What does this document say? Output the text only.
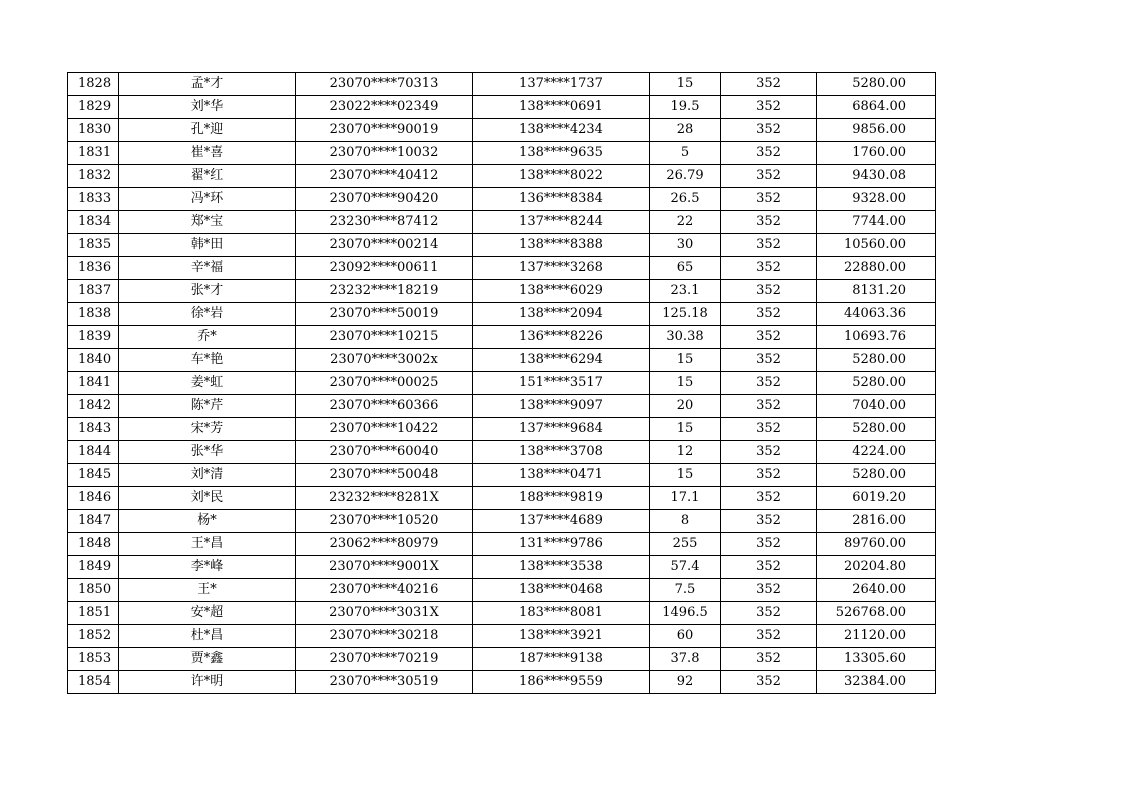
1828	孟*才	23070****70313	137****1737	15	352	5280.00
1829	刘*华	23022****02349	138****0691	19.5	352	6864.00
1830	孔*迎	23070****90019	138****4234	28	352	9856.00
1831	崔*喜	23070****10032	138****9635	5	352	1760.00
1832	翟*红	23070****40412	138****8022	26.79	352	9430.08
1833	冯*环	23070****90420	136****8384	26.5	352	9328.00
1834	郑*宝	23230****87412	137****8244	22	352	7744.00
1835	韩*田	23070****00214	138****8388	30	352	10560.00
1836	辛*福	23092****00611	137****3268	65	352	22880.00
1837	张*才	23232****18219	138****6029	23.1	352	8131.20
1838	徐*岩	23070****50019	138****2094	125.18	352	44063.36
1839	乔*	23070****10215	136****8226	30.38	352	10693.76
1840	车*艳	23070****3002x	138****6294	15	352	5280.00
1841	姜*虹	23070****00025	151****3517	15	352	5280.00
1842	陈*芹	23070****60366	138****9097	20	352	7040.00
1843	宋*芳	23070****10422	137****9684	15	352	5280.00
1844	张*华	23070****60040	138****3708	12	352	4224.00
1845	刘*清	23070****50048	138****0471	15	352	5280.00
1846	刘*民	23232****8281X	188****9819	17.1	352	6019.20
1847	杨*	23070****10520	137****4689	8	352	2816.00
1848	王*昌	23062****80979	131****9786	255	352	89760.00
1849	李*峰	23070****9001X	138****3538	57.4	352	20204.80
1850	王*	23070****40216	138****0468	7.5	352	2640.00
1851	安*超	23070****3031X	183****8081	1496.5	352	526768.00
1852	杜*昌	23070****30218	138****3921	60	352	21120.00
1853	贾*鑫	23070****70219	187****9138	37.8	352	13305.60
1854	许*明	23070****30519	186****9559	92	352	32384.00
